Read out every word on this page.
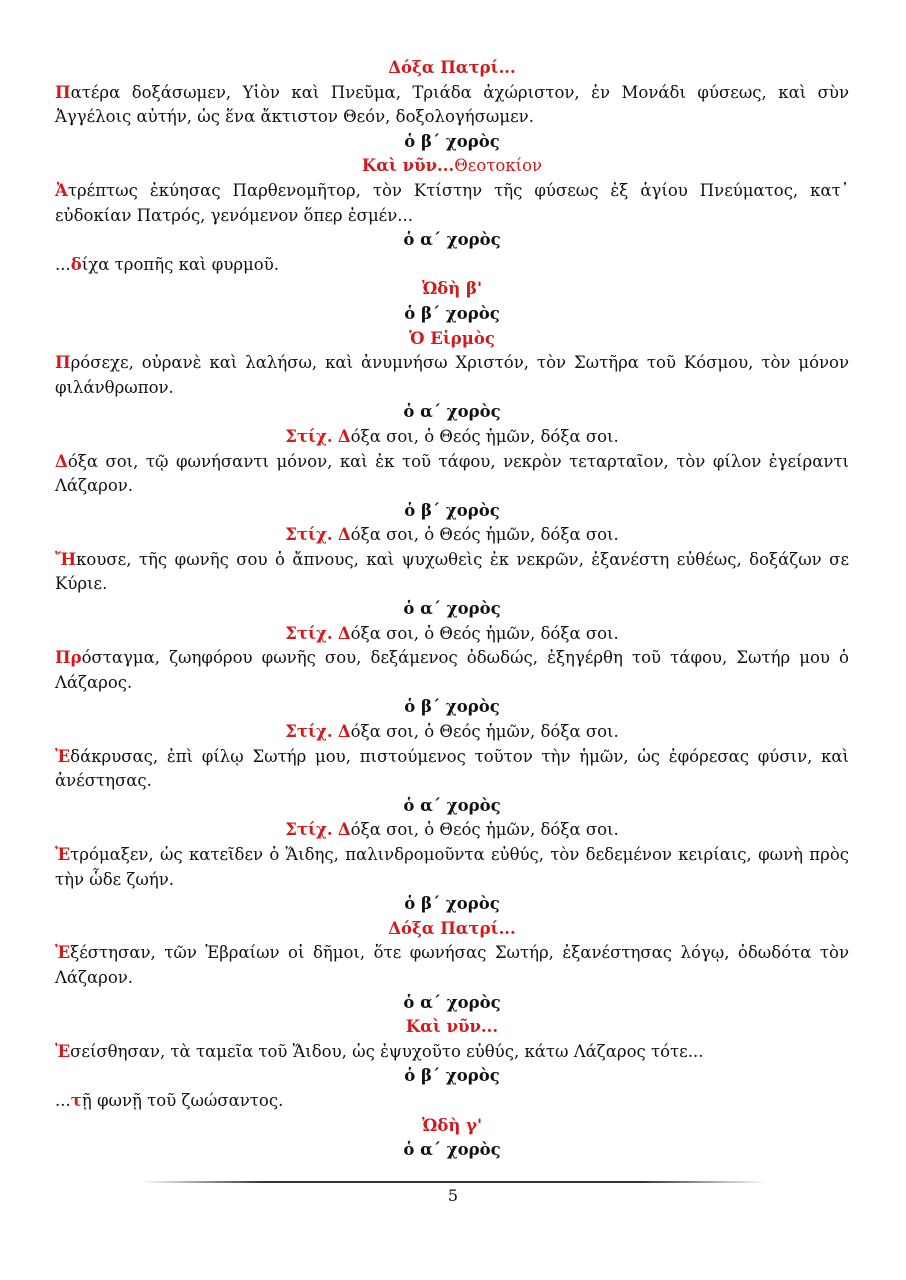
Δόξα Πατρί...

Πατέρα δοξάσωμεν, Υἱὸν καὶ Πνεῦμα, Τριάδα ἀχώριστον, ἐν Μονάδι φύσεως, καὶ σὺν Ἀγγέλοις αὐτήν, ὡς ἕνα ἄκτιστον Θεόν, δοξολογήσωμεν.

ὁ β΄ χορὸς

Καὶ νῦν...Θεοτοκίον

Ἀτρέπτως ἐκύησας Παρθενομῆτορ, τὸν Κτίστην τῆς φύσεως ἐξ ἁγίου Πνεύματος, κατ᾽ εὐδοκίαν Πατρός, γενόμενον ὅπερ ἐσμέν...

ὁ α΄ χορὸς

...δίχα τροπῆς καὶ φυρμοῦ.

Ὠδὴ β'

ὁ β΄ χορὸς

Ὁ Εἱρμὸς

Πρόσεχε, οὐρανὲ καὶ λαλήσω, καὶ ἀνυμνήσω Χριστόν, τὸν Σωτῆρα τοῦ Κόσμου, τὸν μόνον φιλάνθρωπον.

ὁ α΄ χορὸς

Στίχ. Δόξα σοι, ὁ Θεός ἡμῶν, δόξα σοι.

Δόξα σοι, τῷ φωνήσαντι μόνον, καὶ ἐκ τοῦ τάφου, νεκρὸν τεταρταῖον, τὸν φίλον ἐγείραντι Λάζαρον.

ὁ β΄ χορὸς

Στίχ. Δόξα σοι, ὁ Θεός ἡμῶν, δόξα σοι.

Ἤκουσε, τῆς φωνῆς σου ὁ ἄπνους, καὶ ψυχωθεὶς ἐκ νεκρῶν, ἐξανέστη εὐθέως, δοξάζων σε Κύριε.

ὁ α΄ χορὸς

Στίχ. Δόξα σοι, ὁ Θεός ἡμῶν, δόξα σοι.

Πρόσταγμα, ζωηφόρου φωνῆς σου, δεξάμενος ὀδωδώς, ἐξηγέρθη τοῦ τάφου, Σωτήρ μου ὁ Λάζαρος.

ὁ β΄ χορὸς

Στίχ. Δόξα σοι, ὁ Θεός ἡμῶν, δόξα σοι.

Ἐδάκρυσας, ἐπὶ φίλῳ Σωτήρ μου, πιστούμενος τοῦτον τὴν ἡμῶν, ὡς ἐφόρεσας φύσιν, καὶ ἀνέστησας.

ὁ α΄ χορὸς

Στίχ. Δόξα σοι, ὁ Θεός ἡμῶν, δόξα σοι.

Ἐτρόμαξεν, ὡς κατεῖδεν ὁ Ἅιδης, παλινδρομοῦντα εὐθύς, τὸν δεδεμένον κειρίαις, φωνὴ πρὸς τὴν ὧδε ζωήν.

ὁ β΄ χορὸς

Δόξα Πατρί...

Ἐξέστησαν, τῶν Ἑβραίων οἱ δῆμοι, ὅτε φωνήσας Σωτήρ, ἐξανέστησας λόγῳ, ὀδωδότα τὸν Λάζαρον.

ὁ α΄ χορὸς

Καὶ νῦν...

Ἐσείσθησαν, τὰ ταμεῖα τοῦ Ἅιδου, ὡς ἐψυχοῦτο εὐθύς, κάτω Λάζαρος τότε...

ὁ β΄ χορὸς

...τῇ φωνῇ τοῦ ζωώσαντος.

Ὠδὴ γ'

ὁ α΄ χορὸς

5
